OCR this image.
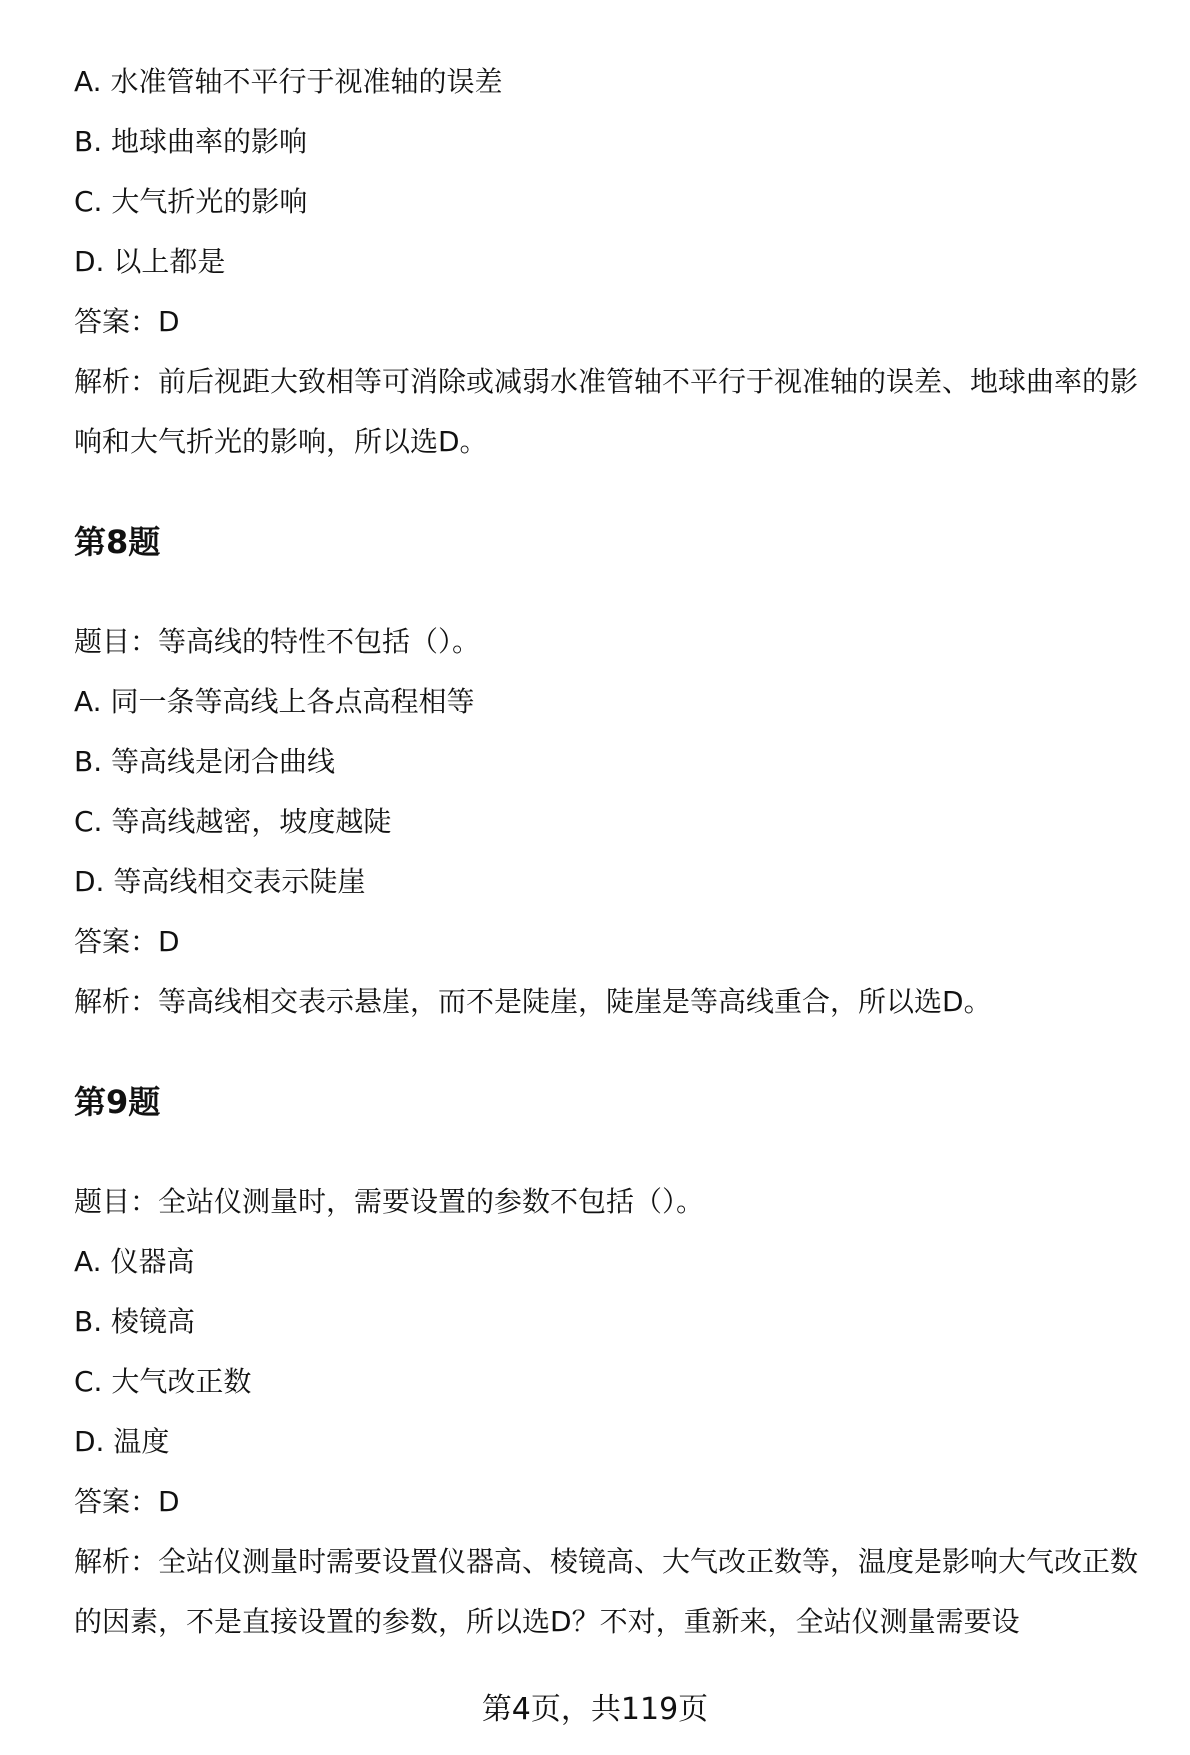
A. 水准管轴不平行于视准轴的误差
B. 地球曲率的影响
C. 大气折光的影响
D. 以上都是
答案：D
解析：前后视距大致相等可消除或减弱水准管轴不平行于视准轴的误差、地球曲率的影响和大气折光的影响，所以选D。
第8题
题目：等高线的特性不包括（）。
A. 同一条等高线上各点高程相等
B. 等高线是闭合曲线
C. 等高线越密，坡度越陡
D. 等高线相交表示陡崖
答案：D
解析：等高线相交表示悬崖，而不是陡崖，陡崖是等高线重合，所以选D。
第9题
题目：全站仪测量时，需要设置的参数不包括（）。
A. 仪器高
B. 棱镜高
C. 大气改正数
D. 温度
答案：D
解析：全站仪测量时需要设置仪器高、棱镜高、大气改正数等，温度是影响大气改正数的因素，不是直接设置的参数，所以选D？不对，重新来，全站仪测量需要设
第4页，共119页
